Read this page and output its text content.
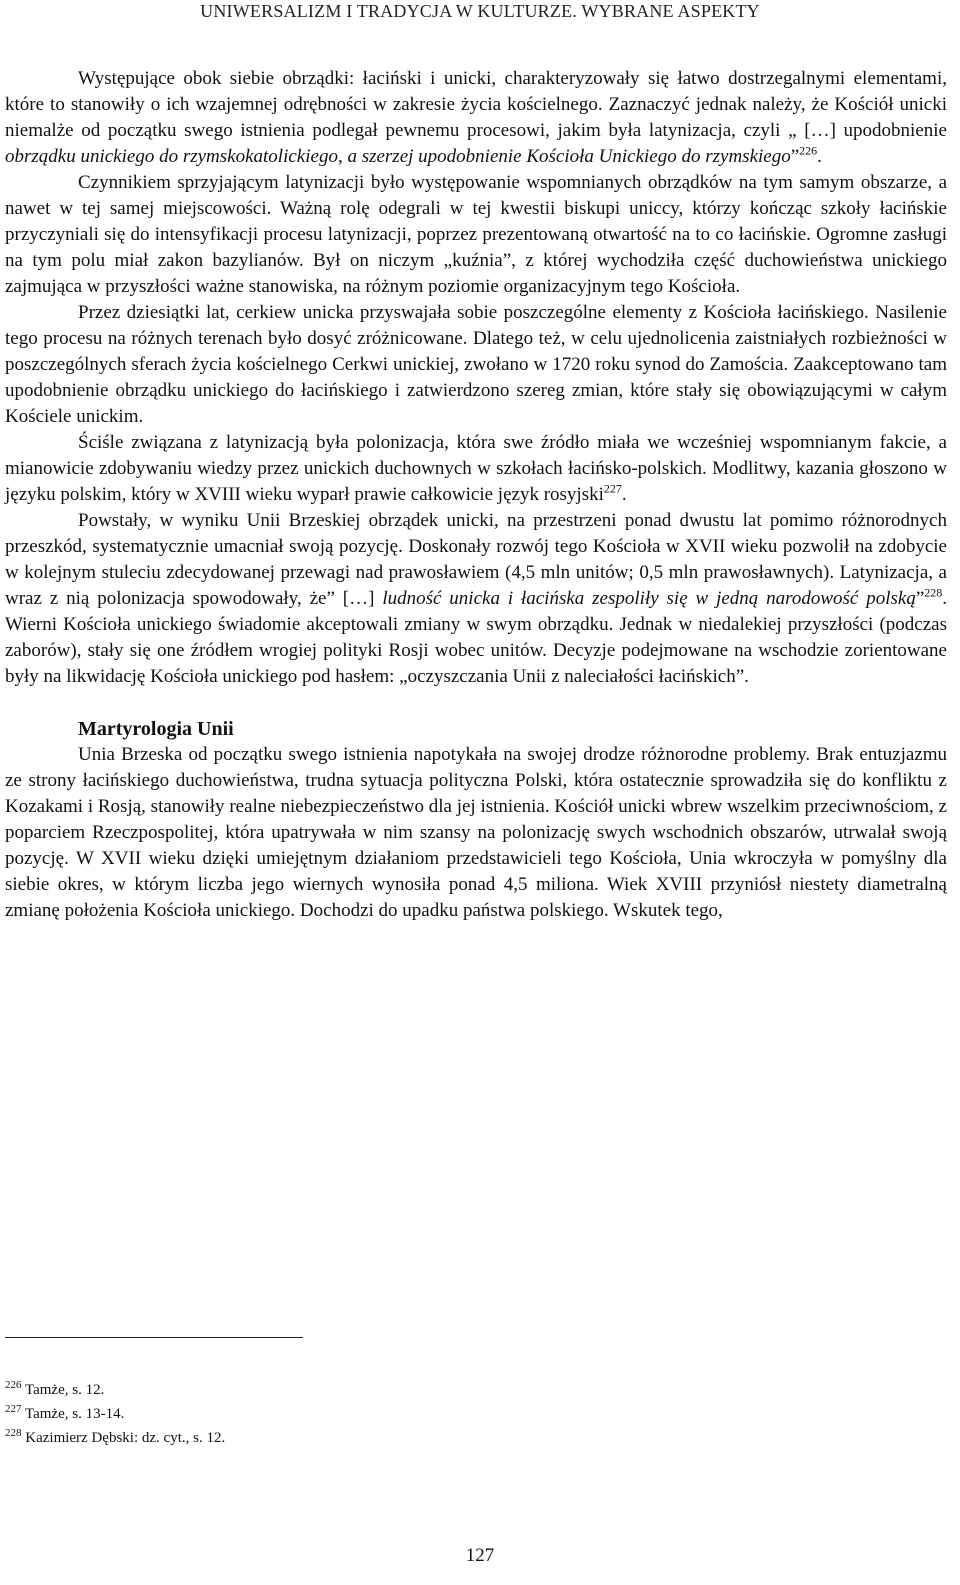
UNIWERSALIZM I TRADYCJA W KULTURZE. WYBRANE ASPEKTY

Występujące obok siebie obrządki: łaciński i unicki, charakteryzowały się łatwo dostrzegalnymi elementami, które to stanowiły o ich wzajemnej odrębności w zakresie życia kościelnego. Zaznaczyć jednak należy, że Kościół unicki niemalże od początku swego istnienia podlegał pewnemu procesowi, jakim była latynizacja, czyli „ […] upodobnienie obrządku unickiego do rzymskokatolickiego, a szerzej upodobnienie Kościoła Unickiego do rzymskiego”$^{226}$.

Czynnikiem sprzyjającym latynizacji było występowanie wspomnianych obrządków na tym samym obszarze, a nawet w tej samej miejscowości. Ważną rolę odegrali w tej kwestii biskupi uniccy, którzy kończąc szkoły łacińskie przyczyniali się do intensyfikacji procesu latynizacji, poprzez prezentowaną otwartość na to co łacińskie. Ogromne zasługi na tym polu miał zakon bazylianów. Był on niczym „kuźnia”, z której wychodziła część duchowieństwa unickiego zajmująca w przyszłości ważne stanowiska, na różnym poziomie organizacyjnym tego Kościoła.

Przez dziesiątki lat, cerkiew unicka przyswajała sobie poszczególne elementy z Kościoła łacińskiego. Nasilenie tego procesu na różnych terenach było dosyć zróżnicowane. Dlatego też, w celu ujednolicenia zaistniałych rozbieżności w poszczególnych sferach życia kościelnego Cerkwi unickiej, zwołano w 1720 roku synod do Zamościa. Zaakceptowano tam upodobnienie obrządku unickiego do łacińskiego i zatwierdzono szereg zmian, które stały się obowiązującymi w całym Kościele unickim.

Ściśle związana z latynizacją była polonizacja, która swe źródło miała we wcześniej wspomnianym fakcie, a mianowicie zdobywaniu wiedzy przez unickich duchownych w szkołach łacińsko-polskich. Modlitwy, kazania głoszono w języku polskim, który w XVIII wieku wyparł prawie całkowicie język rosyjski$^{227}$.

Powstały, w wyniku Unii Brzeskiej obrządek unicki, na przestrzeni ponad dwustu lat pomimo różnorodnych przeszkód, systematycznie umacniał swoją pozycję. Doskonały rozwój tego Kościoła w XVII wieku pozwolił na zdobycie w kolejnym stuleciu zdecydowanej przewagi nad prawosławiem (4,5 mln unitów; 0,5 mln prawosławnych). Latynizacja, a wraz z nią polonizacja spowodowały, że” […] ludność unicka i łacińska zespoliły się w jedną narodowość polską”$^{228}$. Wierni Kościoła unickiego świadomie akceptowali zmiany w swym obrządku. Jednak w niedalekiej przyszłości (podczas zaborów), stały się one źródłem wrogiej polityki Rosji wobec unitów. Decyzje podejmowane na wschodzie zorientowane były na likwidację Kościoła unickiego pod hasłem: „oczyszczania Unii z naleciałości łacińskich”.

Martyrologia Unii

Unia Brzeska od początku swego istnienia napotykała na swojej drodze różnorodne problemy. Brak entuzjazmu ze strony łacińskiego duchowieństwa, trudna sytuacja polityczna Polski, która ostatecznie sprowadziła się do konfliktu z Kozakami i Rosją, stanowiły realne niebezpieczeństwo dla jej istnienia. Kościół unicki wbrew wszelkim przeciwnościom, z poparciem Rzeczpospolitej, która upatrywała w nim szansy na polonizację swych wschodnich obszarów, utrwalał swoją pozycję. W XVII wieku dzięki umiejętnym działaniom przedstawicieli tego Kościoła, Unia wkroczyła w pomyślny dla siebie okres, w którym liczba jego wiernych wynosiła ponad 4,5 miliona. Wiek XVIII przyniósł niestety diametralną zmianę położenia Kościoła unickiego. Dochodzi do upadku państwa polskiego. Wskutek tego,

$^{226}$ Tamże, s. 12.
$^{227}$ Tamże, s. 13-14.
$^{228}$ Kazimierz Dębski: dz. cyt., s. 12.
127
